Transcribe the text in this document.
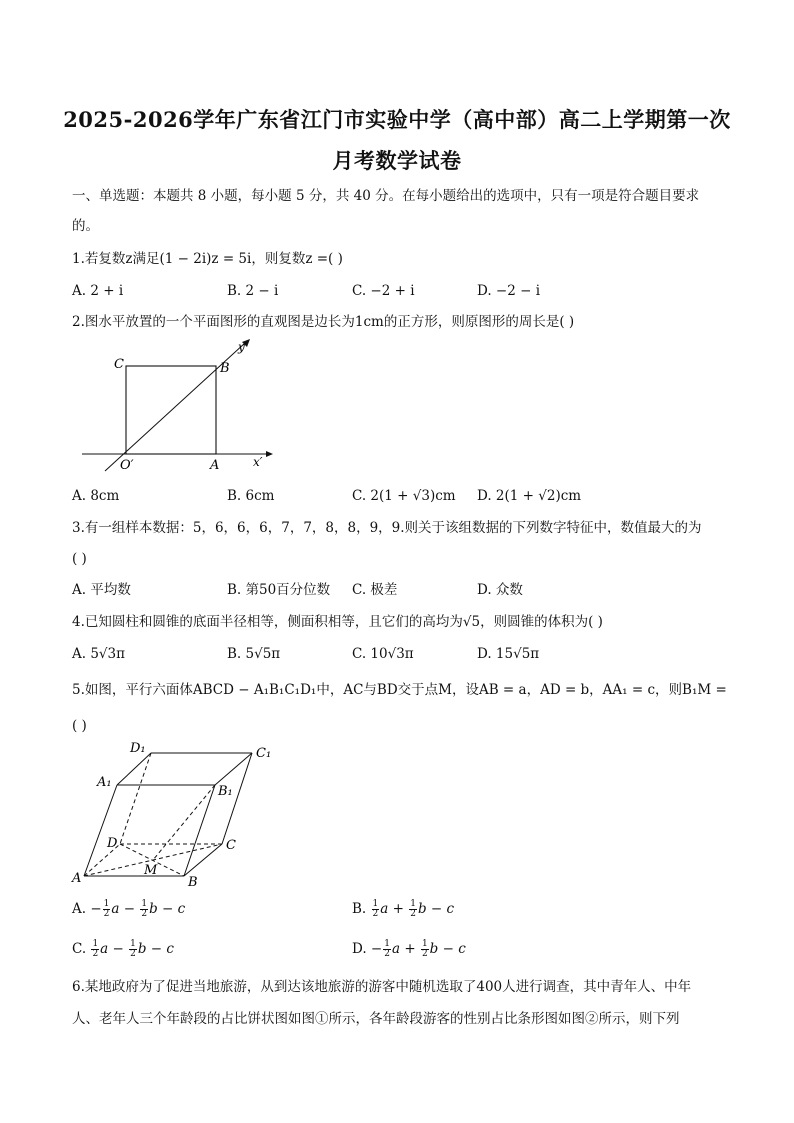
2025-2026学年广东省江门市实验中学（高中部）高二上学期第一次
月考数学试卷
一、单选题：本题共 8 小题，每小题 5 分，共 40 分。在每小题给出的选项中，只有一项是符合题目要求
的。
1.若复数z满足(1 − 2i)z = 5i，则复数z =( )
A. 2 + i	B. 2 − i	C. −2 + i	D. −2 − i
2.图水平放置的一个平面图形的直观图是边长为1cm的正方形，则原图形的周长是( )
C	B
O′	A	x′
y′
A. 8cm	B. 6cm	C. 2(1 + √3)cm D. 2(1 + √2)cm
3.有一组样本数据：5，6，6，6，7，7，8，8，9，9.则关于该组数据的下列数字特征中，数值最大的为
( )
A. 平均数	B. 第50百分位数 C. 极差	D. 众数
4.已知圆柱和圆锥的底面半径相等，侧面积相等，且它们的高均为√5，则圆锥的体积为( )
A. 5√3π	B. 5√5π	C. 10√3π	D. 15√5π
5.如图，平行六面体ABCD − A₁B₁C₁D₁中，AC与BD交于点M，设AB = a，AD = b，AA₁ = c，则B₁M =
( )
D₁	C₁
A₁
B₁
D	C
M
A	B
A. − $\frac{1}{2}$ $a - \frac{1}{2}$ b − c	B. $\frac{1}{2}$ $a + \frac{1}{2}$ b − c
C. $\frac{1}{2}$ $a - \frac{1}{2}$ b − c	D. − $\frac{1}{2}$ $a + \frac{1}{2}$ b − c
6.某地政府为了促进当地旅游，从到达该地旅游的游客中随机选取了400人进行调查，其中青年人、中年
人、老年人三个年龄段的占比饼状图如图①所示，各年龄段游客的性别占比条形图如图②所示，则下列
